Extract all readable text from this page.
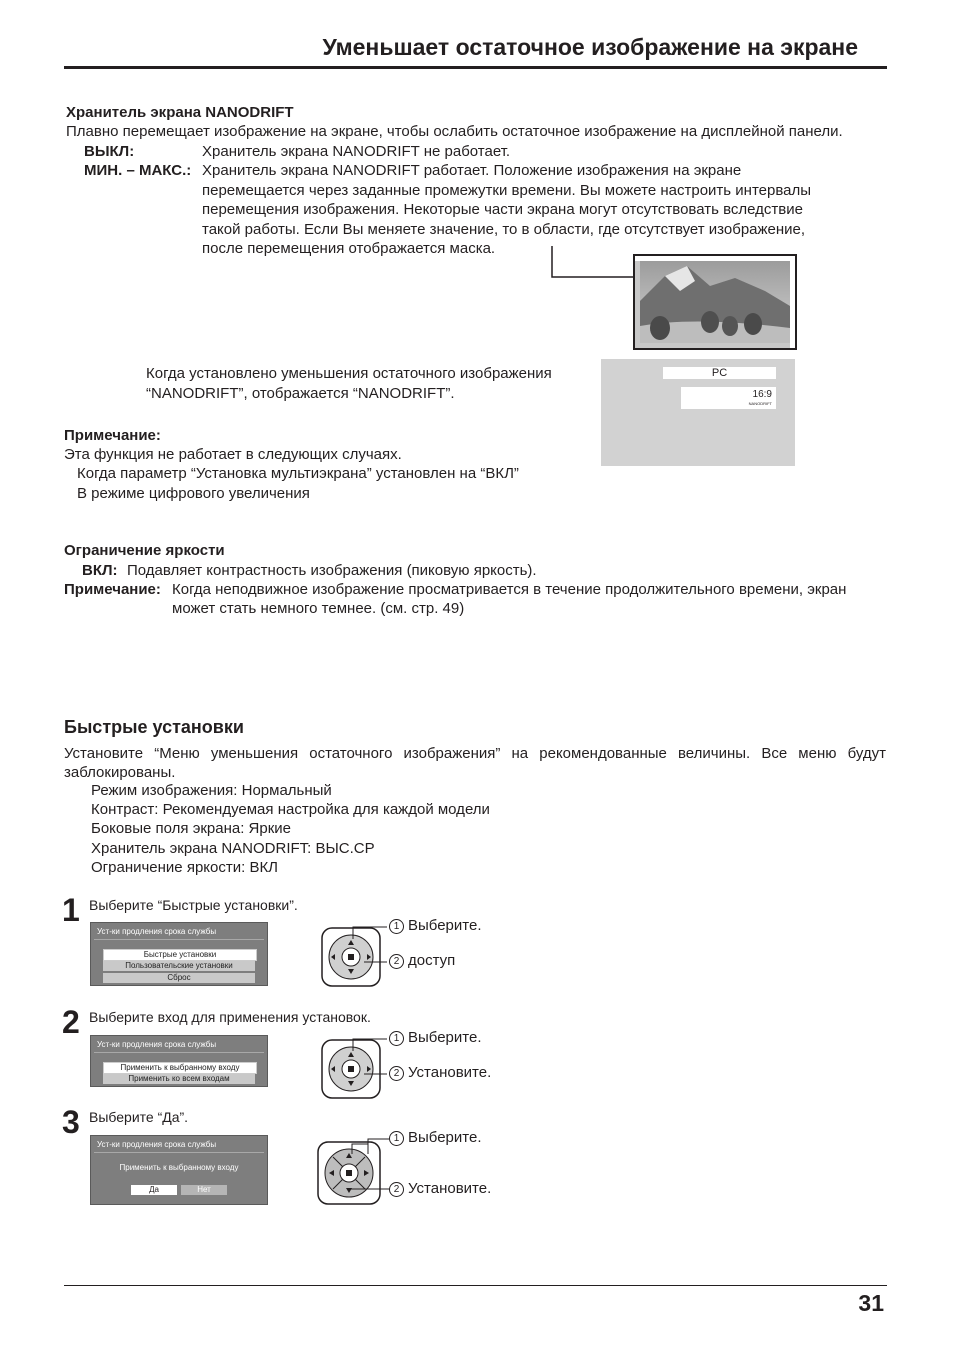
Уменьшает остаточное изображение на экране
Хранитель экрана NANODRIFT
Плавно перемещает изображение на экране, чтобы ослабить остаточное изображение на дисплейной панели.
ВЫКЛ:	Хранитель экрана NANODRIFT не работает.
МИН. – МАКС.: Хранитель экрана NANODRIFT работает. Положение изображения на экране
перемещается через заданные промежутки времени. Вы можете настроить интервалы
перемещения изображения. Некоторые части экрана могут отсутствовать вследствие
такой работы. Если Вы меняете значение, то в области, где отсутствует изображение,
после перемещения отображается маска.
Когда установлено уменьшения остаточного изображения
“NANODRIFT”, отображается “NANODRIFT”.
PC
16:9
NANODRIFT
Примечание:
Эта функция не работает в следующих случаях.
Когда параметр “Установка мультиэкрана” установлен на “ВКЛ”
В режиме цифрового увеличения
Ограничение яркости
ВКЛ: Подавляет контрастность изображения (пиковую яркость).
Примечание: Когда неподвижное изображение просматривается в течение продолжительного времени, экран
может стать немного темнее. (см. стр. 49)
Быстрые установки
Установите “Меню уменьшения остаточного изображения” на рекомендованные величины. Все меню будут
заблокированы.
Режим изображения: Нормальный
Контраст: Рекомендуемая настройка для каждой модели
Боковые поля экрана: Яркие
Хранитель экрана NANODRIFT: ВЫС.СР
Ограничение яркости: ВКЛ
1 Выберите “Быстрые установки”.
Уст-ки продления срока службы
Быстрые установки
Пользовательские установки
Сброс
1 Выберите.
2 доступ
2 Выберите вход для применения установок.
Уст-ки продления срока службы
Применить к выбранному входу
Применить ко всем входам
1 Выберите.
2 Установите.
3 Выберите “Да”.
Уст-ки продления срока службы
Применить к выбранному входу
Да	Нет
1 Выберите.
2 Установите.
31
